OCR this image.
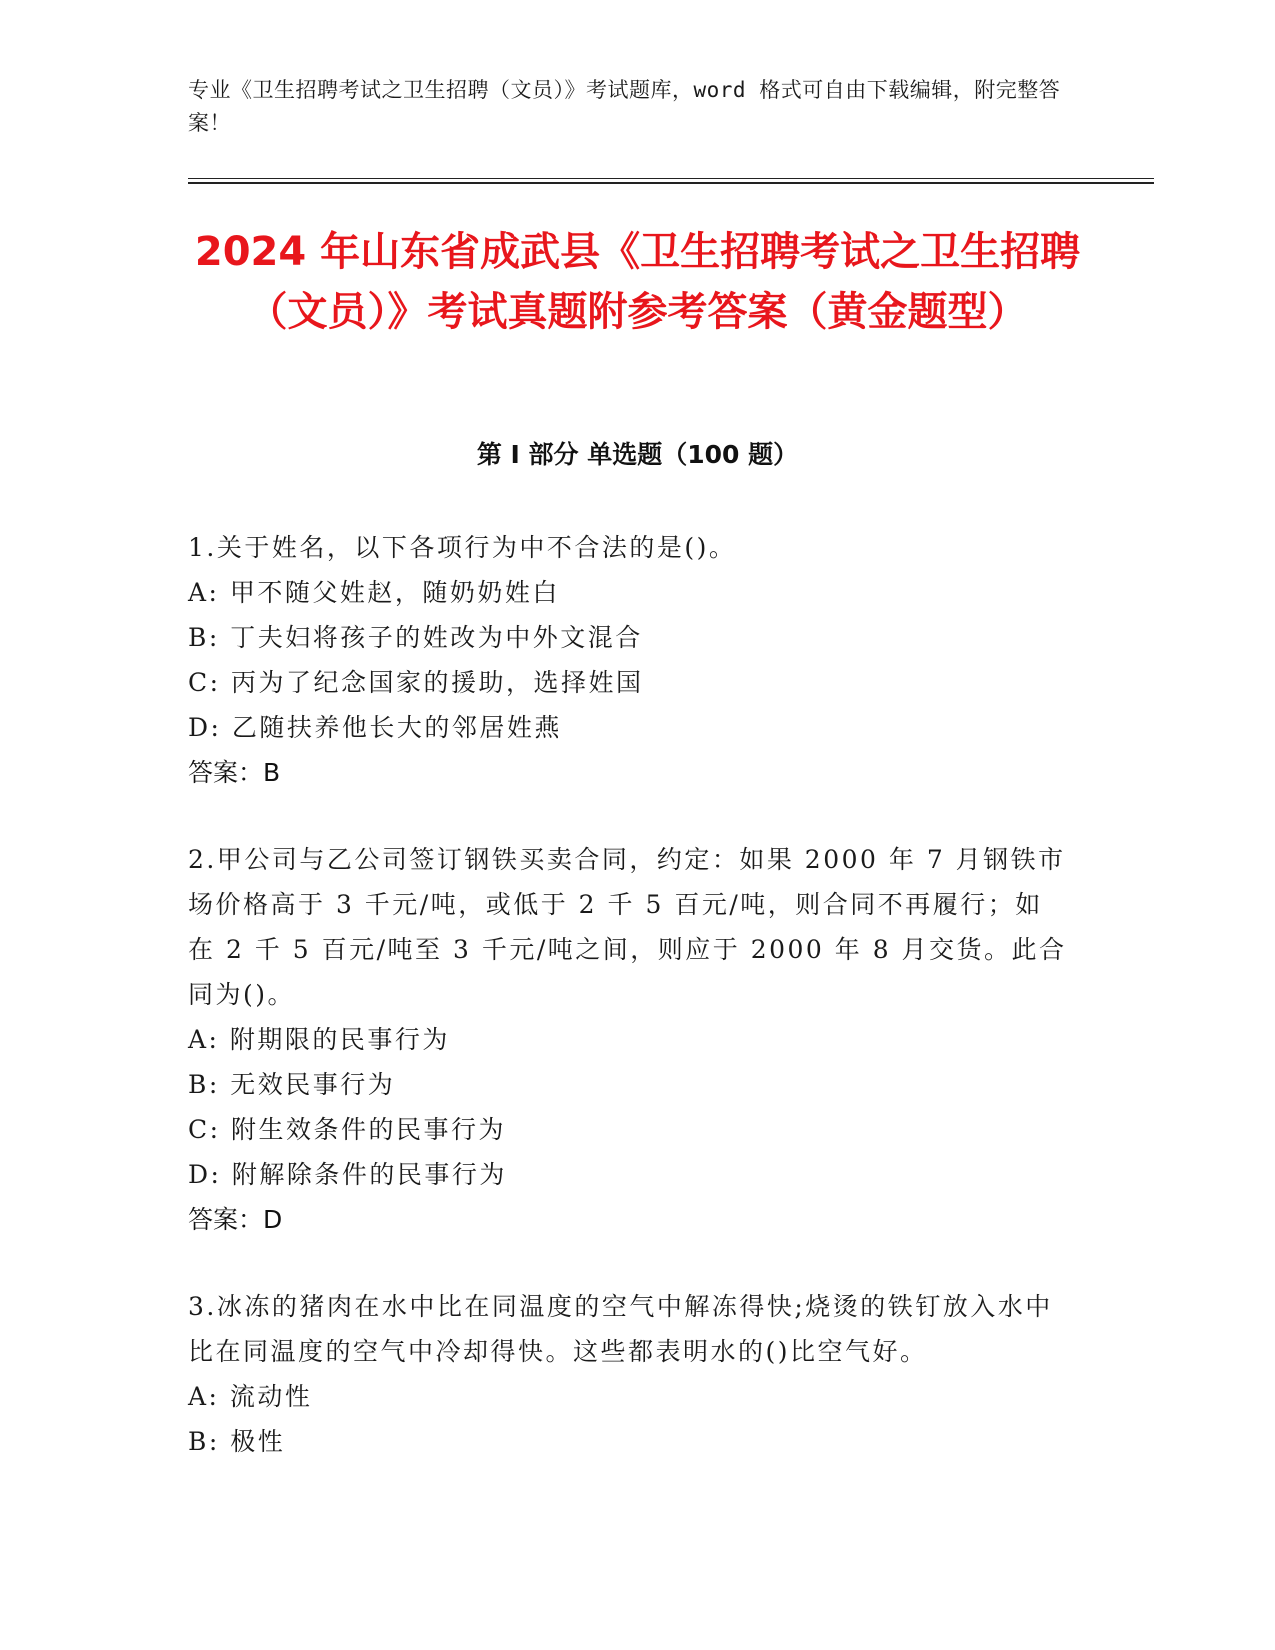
专业《卫生招聘考试之卫生招聘（文员）》考试题库，word 格式可自由下载编辑，附完整答案！
2024 年山东省成武县《卫生招聘考试之卫生招聘（文员）》考试真题附参考答案（黄金题型）
第 I 部分 单选题（100 题）
1.关于姓名，以下各项行为中不合法的是()。
A: 甲不随父姓赵，随奶奶姓白
B: 丁夫妇将孩子的姓改为中外文混合
C: 丙为了纪念国家的援助，选择姓国
D: 乙随扶养他长大的邻居姓燕
答案：B
2.甲公司与乙公司签订钢铁买卖合同，约定：如果 2000 年 7 月钢铁市场价格高于 3 千元/吨，或低于 2 千 5 百元/吨，则合同不再履行；如在 2 千 5 百元/吨至 3 千元/吨之间，则应于 2000 年 8 月交货。此合同为()。
A: 附期限的民事行为
B: 无效民事行为
C: 附生效条件的民事行为
D: 附解除条件的民事行为
答案：D
3.冰冻的猪肉在水中比在同温度的空气中解冻得快;烧烫的铁钉放入水中比在同温度的空气中冷却得快。这些都表明水的()比空气好。
A: 流动性
B: 极性
